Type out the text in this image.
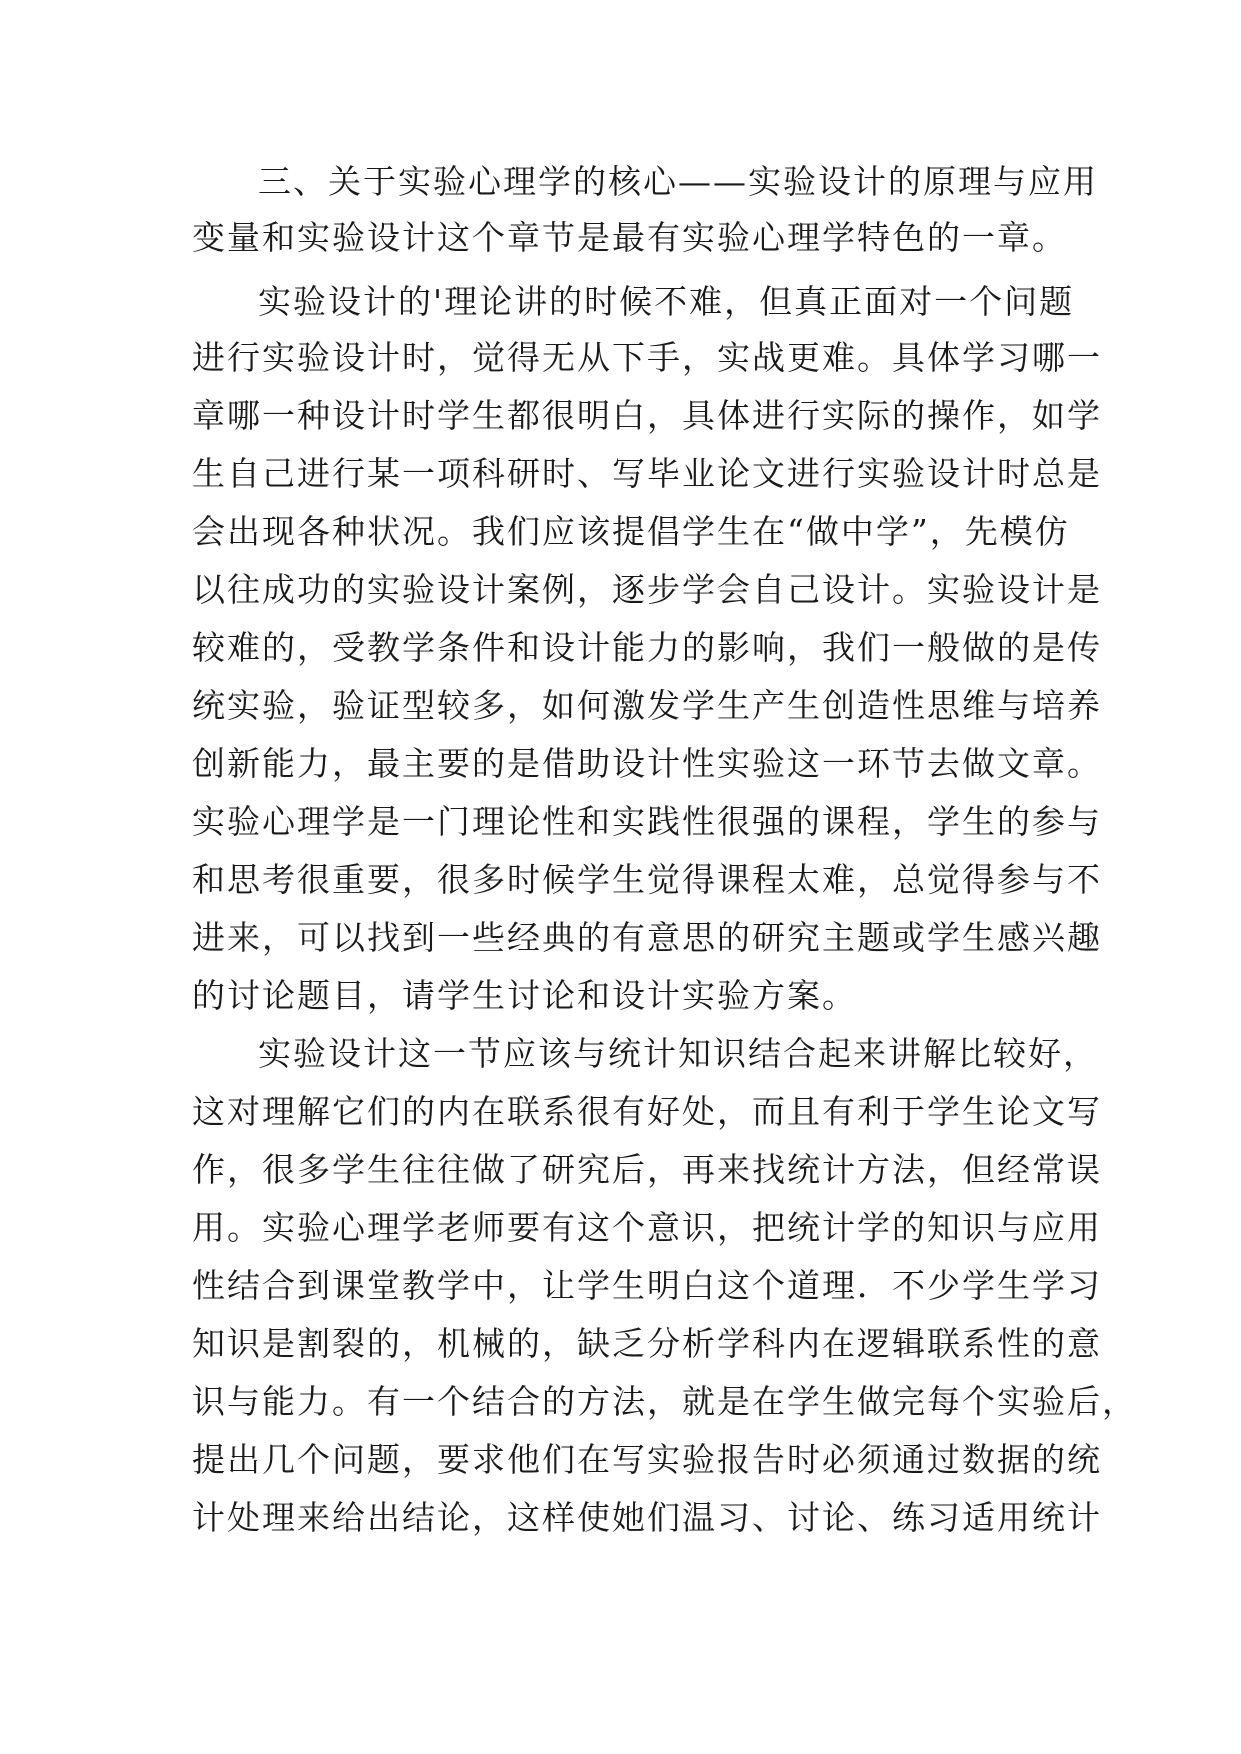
三、关于实验心理学的核心——实验设计的原理与应用
变量和实验设计这个章节是最有实验心理学特色的一章。
实验设计的'理论讲的时候不难，但真正面对一个问题
进行实验设计时，觉得无从下手，实战更难。具体学习哪一
章哪一种设计时学生都很明白，具体进行实际的操作，如学
生自己进行某一项科研时、写毕业论文进行实验设计时总是
会出现各种状况。我们应该提倡学生在“做中学”，先模仿
以往成功的实验设计案例，逐步学会自己设计。实验设计是
较难的，受教学条件和设计能力的影响，我们一般做的是传
统实验，验证型较多，如何激发学生产生创造性思维与培养
创新能力，最主要的是借助设计性实验这一环节去做文章。
实验心理学是一门理论性和实践性很强的课程，学生的参与
和思考很重要，很多时候学生觉得课程太难，总觉得参与不
进来，可以找到一些经典的有意思的研究主题或学生感兴趣
的讨论题目，请学生讨论和设计实验方案。
实验设计这一节应该与统计知识结合起来讲解比较好，
这对理解它们的内在联系很有好处，而且有利于学生论文写
作，很多学生往往做了研究后，再来找统计方法，但经常误
用。实验心理学老师要有这个意识，把统计学的知识与应用
性结合到课堂教学中，让学生明白这个道理．不少学生学习
知识是割裂的，机械的，缺乏分析学科内在逻辑联系性的意
识与能力。有一个结合的方法，就是在学生做完每个实验后，
提出几个问题，要求他们在写实验报告时必须通过数据的统
计处理来给出结论，这样使她们温习、讨论、练习适用统计
